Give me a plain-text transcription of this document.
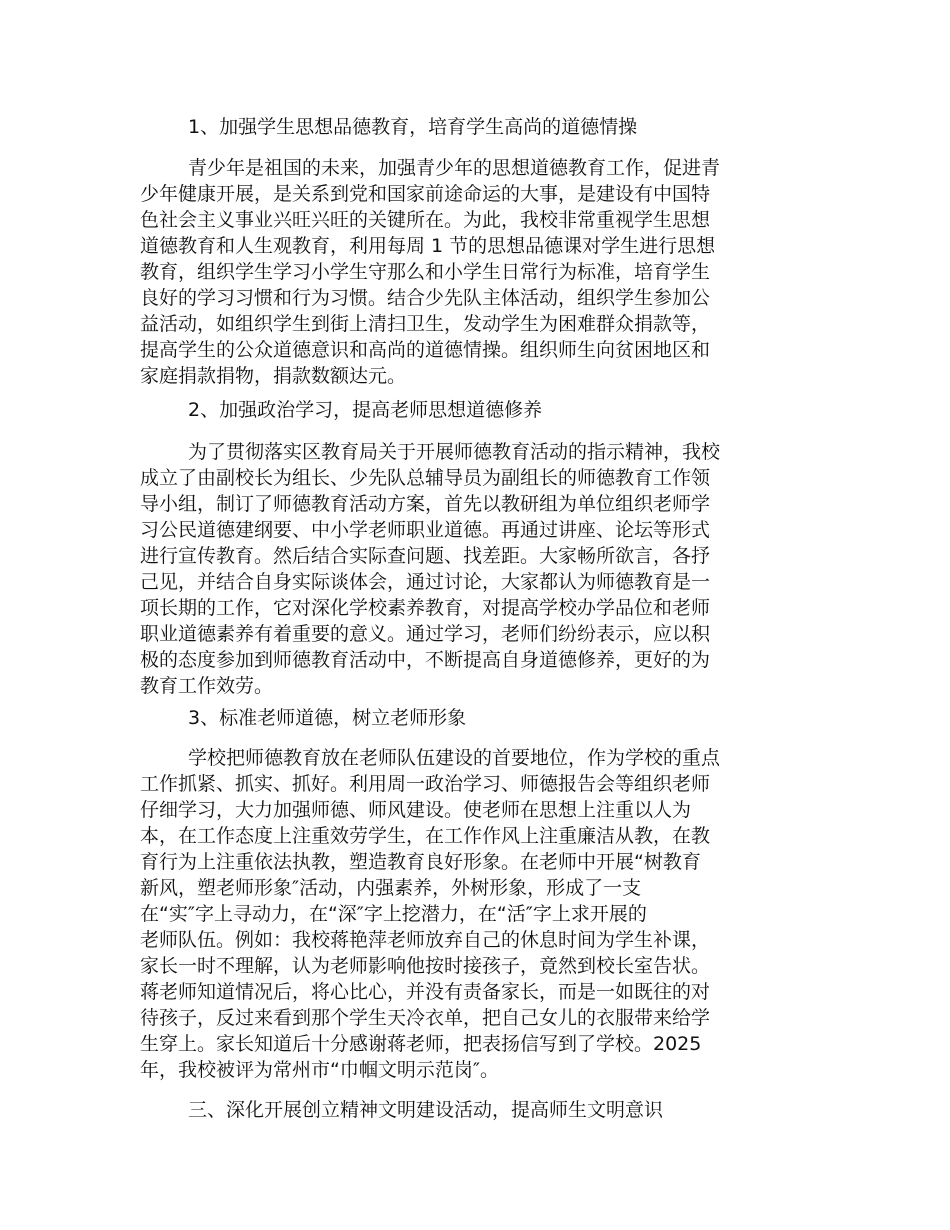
1、加强学生思想品德教育，培育学生高尚的道德情操
青少年是祖国的未来，加强青少年的思想道德教育工作，促进青
少年健康开展，是关系到党和国家前途命运的大事，是建设有中国特
色社会主义事业兴旺兴旺的关键所在。为此，我校非常重视学生思想
道德教育和人生观教育，利用每周 1 节的思想品德课对学生进行思想
教育，组织学生学习小学生守那么和小学生日常行为标准，培育学生
良好的学习习惯和行为习惯。结合少先队主体活动，组织学生参加公
益活动，如组织学生到街上清扫卫生，发动学生为困难群众捐款等，
提高学生的公众道德意识和高尚的道德情操。组织师生向贫困地区和
家庭捐款捐物，捐款数额达元。
2、加强政治学习，提高老师思想道德修养
为了贯彻落实区教育局关于开展师德教育活动的指示精神，我校
成立了由副校长为组长、少先队总辅导员为副组长的师德教育工作领
导小组，制订了师德教育活动方案，首先以教研组为单位组织老师学
习公民道德建纲要、中小学老师职业道德。再通过讲座、论坛等形式
进行宣传教育。然后结合实际查问题、找差距。大家畅所欲言，各抒
己见，并结合自身实际谈体会，通过讨论，大家都认为师德教育是一
项长期的工作，它对深化学校素养教育，对提高学校办学品位和老师
职业道德素养有着重要的意义。通过学习，老师们纷纷表示，应以积
极的态度参加到师德教育活动中，不断提高自身道德修养，更好的为
教育工作效劳。
3、标准老师道德，树立老师形象
学校把师德教育放在老师队伍建设的首要地位，作为学校的重点
工作抓紧、抓实、抓好。利用周一政治学习、师德报告会等组织老师
仔细学习，大力加强师德、师风建设。使老师在思想上注重以人为
本，在工作态度上注重效劳学生，在工作作风上注重廉洁从教，在教
育行为上注重依法执教，塑造教育良好形象。在老师中开展“树教育
新风，塑老师形象″活动，内强素养，外树形象，形成了一支
在“实″字上寻动力，在“深″字上挖潜力，在“活″字上求开展的
老师队伍。例如：我校蒋艳萍老师放弃自己的休息时间为学生补课，
家长一时不理解，认为老师影响他按时接孩子，竟然到校长室告状。
蒋老师知道情况后，将心比心，并没有责备家长，而是一如既往的对
待孩子，反过来看到那个学生天冷衣单，把自己女儿的衣服带来给学
生穿上。家长知道后十分感谢蒋老师，把表扬信写到了学校。2025
年，我校被评为常州市“巾帼文明示范岗″。
三、深化开展创立精神文明建设活动，提高师生文明意识
